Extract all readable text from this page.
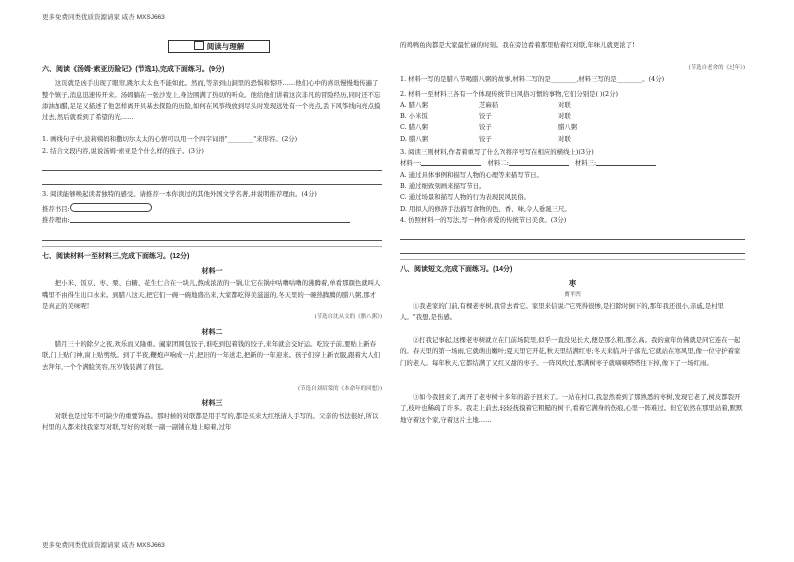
更多免费同类优质资源请家 咸杏 MXSJ663
更多免费同类优质资源请家 咸杏 MXSJ663
阅读与理解

六、阅读《汤姆·索亚历险记》(节选1),完成下面练习。(9分)

这页就是凶手出现了眼帘,跳尔太太也不能如此。然而,等亲到山洞里的恐惧和惊吓……他们心中的喜讯慢慢地传遍了整个镇子,消息迅速传开来。汤姆躺在一张沙发上,身边围满了热切的听众。他给他们讲着这次非凡的冒险经历,同时还不忘添油加醋,足足又描述了他怎样离开贝基去探险的历险,如何在风筝线放到尽头时发现远处有一个亮点,丢下风筝线向亮点摸过去,然后就看到了希望的光……

1. 画线句子中,波莉姨妈和撒切尔太太的心情可以用一个四字词语"________"来形容。(2分)

2. 结合文段内容,说说汤姆·索亚是个什么样的孩子。(3分)

3. 阅读能够唤起读者独特的感受。请推荐一本你读过的其他外国文学名著,并说明推荐理由。(4分)

推荐书目:

推荐理由:

七、阅读材料一至材料三,完成下面练习。(12分)

材料一

把小米、饭豆、枣、栗、白糖、花生仁合在一块儿,熬成浓浓的一锅,让它在锅中咕噜咕噜的沸腾着,单看那颜色就叫人嘴里不由得生出口水来。到腊八这天,把它们一碗一碗地盛出来,大家都吃得美滋滋的,冬天里的一碗热腾腾的腊八粥,那才是真正的美味呢!

(节选自沈从文的《腊八粥》)

材料二

腊月三十的除夕之夜,欢乐而又隆重。阖家团圆包饺子,谁吃到包着钱的饺子,来年就会交好运。吃饺子前,要贴上新春联,门上贴门神,窗上贴剪纸。到了半夜,鞭炮声响成一片,把旧的一年送走,把新的一年迎来。孩子们穿上新衣服,跟着大人们去拜年,一个个满脸笑容,压岁钱装满了荷包。

(节选自刘绍棠的《本命年的回想》)

材料三

对联也是过年不可缺少的重要饰品。那时候的对联都是用手写的,都是买来大红纸请人手写的。父亲的书法很好,所以村里的人都来找我家写对联,写好的对联一副一副铺在地上晾着,过年

的鸡鸭鱼肉都是大家最忙碌的时刻。我在旁边看着那里贴着红对联,年味儿就更浓了!

(节选自老舍的《过年》)

1. 材料一写的是腊八节喝腊八粥的故事,材料二写的是________,材料三写的是________。(4分)

2. 材料一至材料三各有一个体现传统节日风俗习惯的事物,它们分别是( )(2分)

A. 腊八粥	芝麻秸	对联
B. 小米饭	饺子	对联
C. 腊八粥	饺子	腊八粥
D. 腊八粥	饺子	对联

3. 阅读三则材料,作者着重写了什么?(将序号写在相应的横线上)(3分)

材料一:	材料二:	材料三:

A. 通过具体事例和描写人物的心理等来描写节日。

B. 通过细致刻画来描写节日。

C. 通过场景和描写人物的行为表现民风民俗。

D. 用拟人的修辞手法描写食物的色、香、味,令人垂涎三尺。

4. 仿照材料一的写法,写一种你喜爱的传统节日美食。(3分)

八、阅读短文,完成下面练习。(14分)

枣

贾平凹

①我老家的门前,有棵老枣树,我常去看它。家里来信说:"它死得很惨,是扫除时倒下的,那年我还很小,亲戚,是村里人。"我想,是伤感。

②打我记事起,这棵老枣树就立在门前场院里,似乎一直没见长大,便是那么粗,那么高。我的童年仿佛就是同它连在一起的。春天里的第一场雨,它就萌出嫩叶;夏天里它开花,秋天里结满红枣;冬天来临,叶子落光,它就站在寒风里,像一位守护着家门的老人。每年秋天,它都结满了又红又甜的枣子。一阵风吹过,那满树枣子就嘀嘀嗒嗒往下掉,像下了一场红雨。

③如今我回来了,离开了老枣树十多年的游子回来了。一站在村口,我忽然看到了那熟悉的枣树,发现它老了,树皮都裂开了,枝叶也稀疏了许多。我走上前去,轻轻抚摸着它粗糙的树干,看着它满身的伤痕,心里一阵难过。但它依然在那里站着,默默地守着这个家,守着这片土地……
